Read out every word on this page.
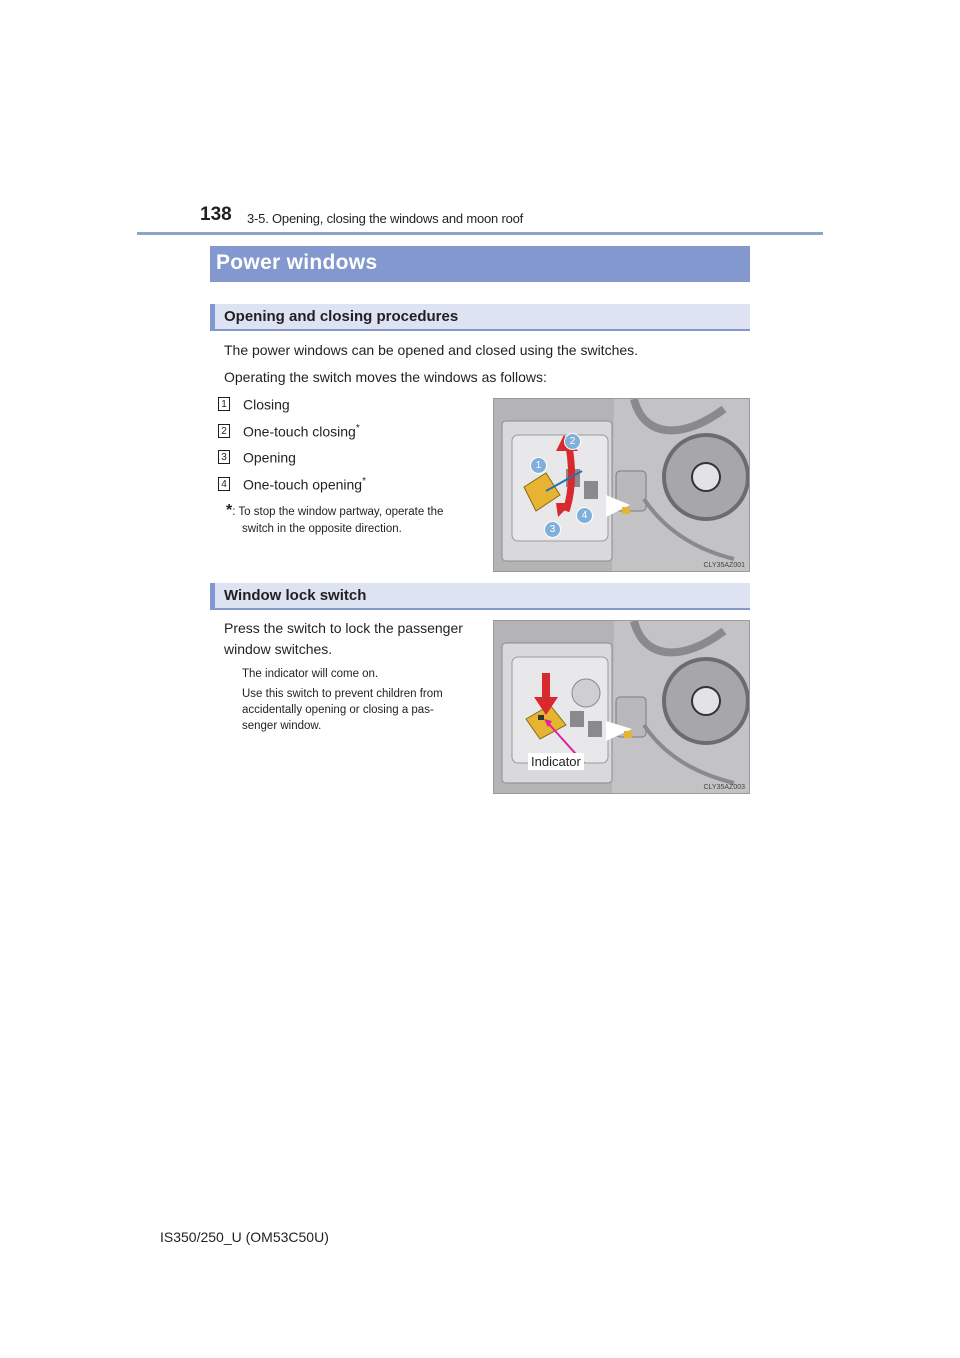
138 3-5. Opening, closing the windows and moon roof
Power windows
Opening and closing procedures
The power windows can be opened and closed using the switches.
Operating the switch moves the windows as follows:
1 Closing
2 One-touch closing*
3 Opening
4 One-touch opening*
*: To stop the window partway, operate the
switch in the opposite direction.
1
2
3
4
CLY35AZ001
Window lock switch
Press the switch to lock the passenger
window switches.
The indicator will come on.
Use this switch to prevent children from
accidentally opening or closing a pas-
senger window.
Indicator
CLY35AZ003
IS350/250_U (OM53C50U)
